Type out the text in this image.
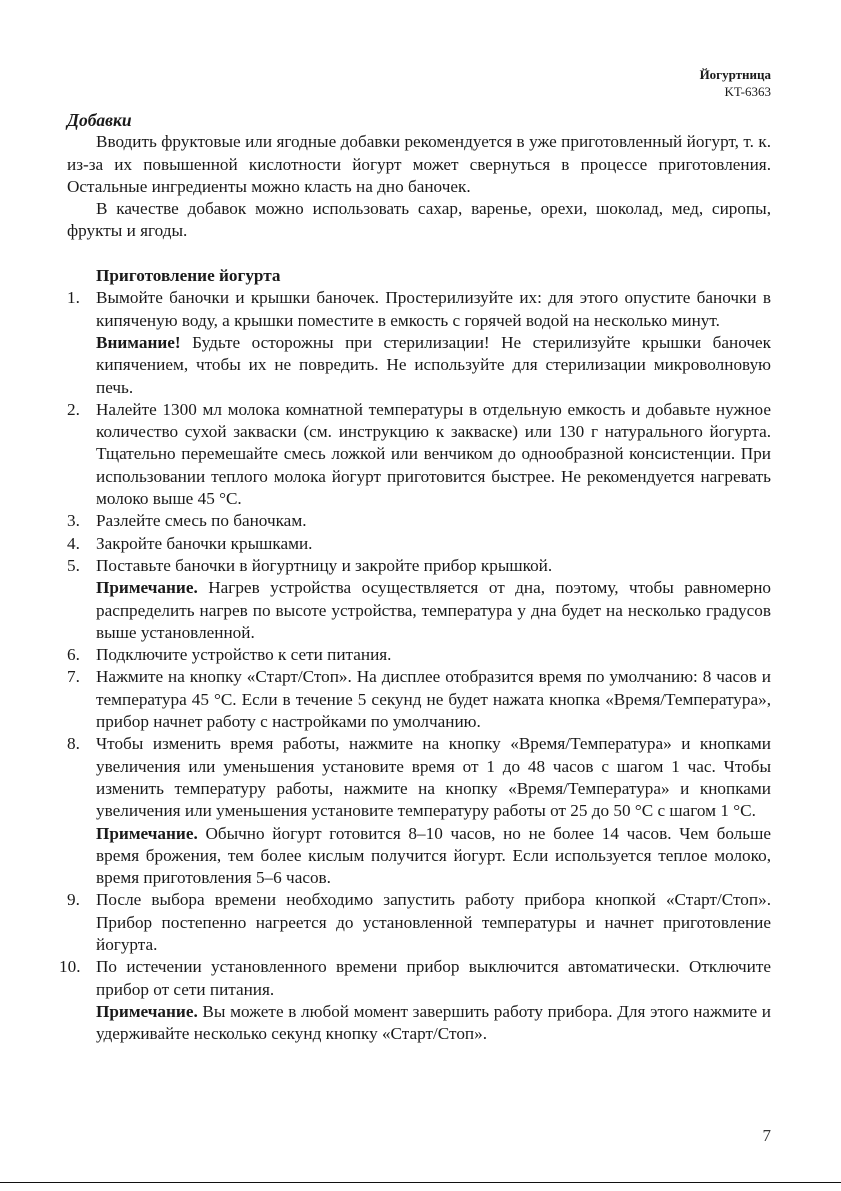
Йогуртница
KT-6363

Добавки

Вводить фруктовые или ягодные добавки рекомендуется в уже приготовленный йогурт, т. к. из-за их повышенной кислотности йогурт может свернуться в процессе приготовления. Остальные ингредиенты можно класть на дно баночек.

В качестве добавок можно использовать сахар, варенье, орехи, шоколад, мед, сиропы, фрукты и ягоды.

Приготовление йогурта

1. Вымойте баночки и крышки баночек. Простерилизуйте их: для этого опустите баночки в кипяченую воду, а крышки поместите в емкость с горячей водой на несколько минут.

Внимание! Будьте осторожны при стерилизации! Не стерилизуйте крышки баночек кипячением, чтобы их не повредить. Не используйте для стерилизации микроволновую печь.

2. Налейте 1300 мл молока комнатной температуры в отдельную емкость и добавьте нужное количество сухой закваски (см. инструкцию к закваске) или 130 г натурального йогурта. Тщательно перемешайте смесь ложкой или венчиком до однообразной консистенции. При использовании теплого молока йогурт приготовится быстрее. Не рекомендуется нагревать молоко выше 45 °С.

3. Разлейте смесь по баночкам.

4. Закройте баночки крышками.

5. Поставьте баночки в йогуртницу и закройте прибор крышкой.

Примечание. Нагрев устройства осуществляется от дна, поэтому, чтобы равномерно распределить нагрев по высоте устройства, температура у дна будет на несколько градусов выше установленной.

6. Подключите устройство к сети питания.

7. Нажмите на кнопку «Старт/Стоп». На дисплее отобразится время по умолчанию: 8 часов и температура 45 °С. Если в течение 5 секунд не будет нажата кнопка «Время/Температура», прибор начнет работу с настройками по умолчанию.

8. Чтобы изменить время работы, нажмите на кнопку «Время/Температура» и кнопками увеличения или уменьшения установите время от 1 до 48 часов с шагом 1 час. Чтобы изменить температуру работы, нажмите на кнопку «Время/Температура» и кнопками увеличения или уменьшения установите температуру работы от 25 до 50 °С с шагом 1 °С.

Примечание. Обычно йогурт готовится 8–10 часов, но не более 14 часов. Чем больше время брожения, тем более кислым получится йогурт. Если используется теплое молоко, время приготовления 5–6 часов.

9. После выбора времени необходимо запустить работу прибора кнопкой «Старт/Стоп». Прибор постепенно нагреется до установленной температуры и начнет приготовление йогурта.

10. По истечении установленного времени прибор выключится автоматически. Отключите прибор от сети питания.

Примечание. Вы можете в любой момент завершить работу прибора. Для этого нажмите и удерживайте несколько секунд кнопку «Старт/Стоп».

7
